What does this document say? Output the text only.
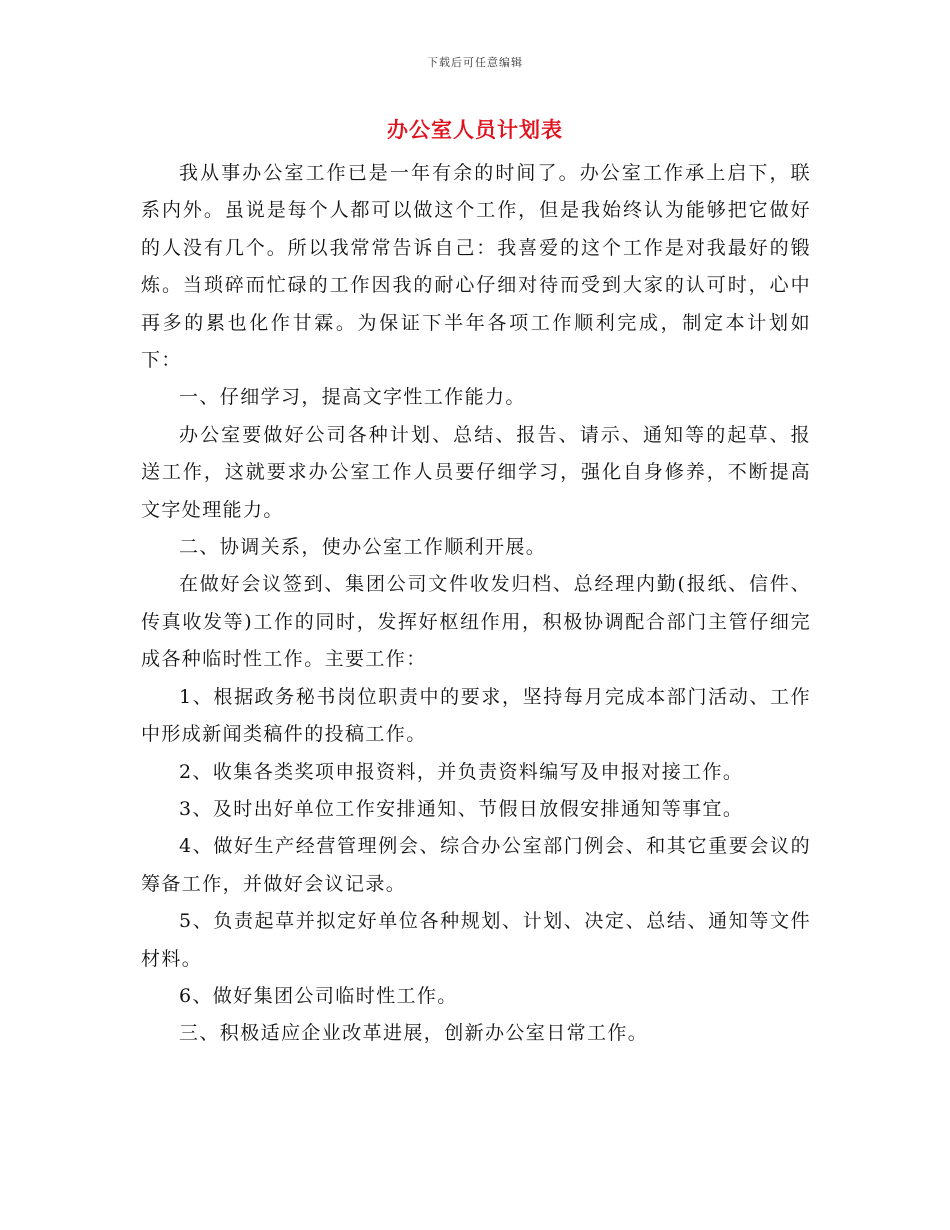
下载后可任意编辑
办公室人员计划表

我从事办公室工作已是一年有余的时间了。办公室工作承上启下，联系内外。虽说是每个人都可以做这个工作，但是我始终认为能够把它做好的人没有几个。所以我常常告诉自己：我喜爱的这个工作是对我最好的锻炼。当琐碎而忙碌的工作因我的耐心仔细对待而受到大家的认可时，心中再多的累也化作甘霖。为保证下半年各项工作顺利完成，制定本计划如下：

一、仔细学习，提高文字性工作能力。

办公室要做好公司各种计划、总结、报告、请示、通知等的起草、报送工作，这就要求办公室工作人员要仔细学习，强化自身修养，不断提高文字处理能力。

二、协调关系，使办公室工作顺利开展。

在做好会议签到、集团公司文件收发归档、总经理内勤(报纸、信件、传真收发等)工作的同时，发挥好枢纽作用，积极协调配合部门主管仔细完成各种临时性工作。主要工作：

1、根据政务秘书岗位职责中的要求，坚持每月完成本部门活动、工作中形成新闻类稿件的投稿工作。

2、收集各类奖项申报资料，并负责资料编写及申报对接工作。

3、及时出好单位工作安排通知、节假日放假安排通知等事宜。

4、做好生产经营管理例会、综合办公室部门例会、和其它重要会议的筹备工作，并做好会议记录。

5、负责起草并拟定好单位各种规划、计划、决定、总结、通知等文件材料。

6、做好集团公司临时性工作。

三、积极适应企业改革进展，创新办公室日常工作。
